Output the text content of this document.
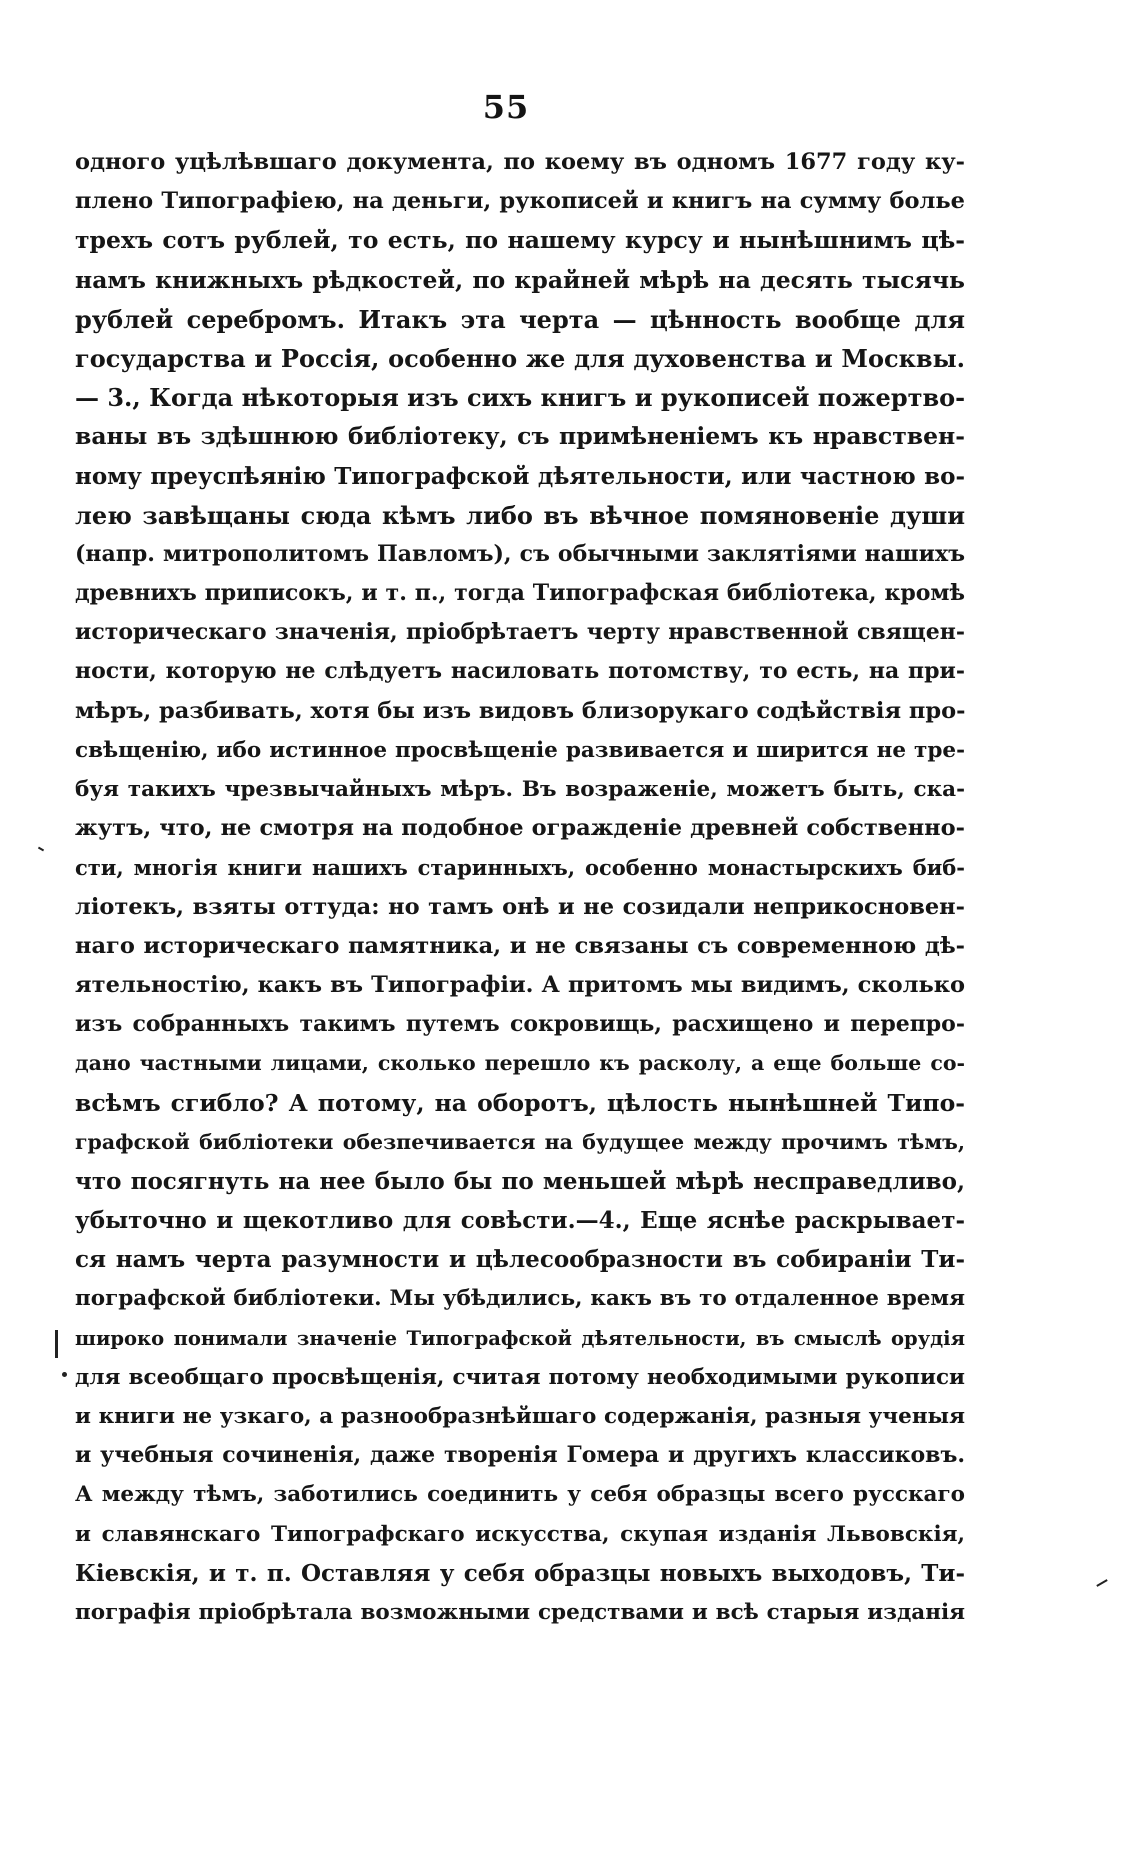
55
одного уцѣлѣвшаго документа, по коему въ одномъ 1677 году ку-
плено Типографіею, на деньги, рукописей и книгъ на сумму болье
трехъ сотъ рублей, то есть, по нашему курсу и нынѣшнимъ цѣ-
намъ книжныхъ рѣдкостей, по крайней мѣрѣ на десять тысячь
рублей серебромъ. Итакъ эта черта — цѣнность вообще для
государства и Россія, особенно же для духовенства и Москвы.
— 3., Когда нѣкоторыя изъ сихъ книгъ и рукописей пожертво-
ваны въ здѣшнюю библіотеку, съ примѣненіемъ къ нравствен-
ному преуспѣянію Типографской дѣятельности, или частною во-
лею завѣщаны сюда кѣмъ либо въ вѣчное помяновеніе души
(напр. митрополитомъ Павломъ), съ обычными заклятіями нашихъ
древнихъ приписокъ, и т. п., тогда Типографская библіотека, кромѣ
историческаго значенія, пріобрѣтаетъ черту нравственной священ-
ности, которую не слѣдуетъ насиловать потомству, то есть, на при-
мѣръ, разбивать, хотя бы изъ видовъ близорукаго содѣйствія про-
свѣщенію, ибо истинное просвѣщеніе развивается и ширится не тре-
буя такихъ чрезвычайныхъ мѣръ. Въ возраженіе, можетъ быть, ска-
жутъ, что, не смотря на подобное огражденіе древней собственно-
сти, многія книги нашихъ старинныхъ, особенно монастырскихъ биб-
ліотекъ, взяты оттуда: но тамъ онѣ и не созидали неприкосновен-
наго историческаго памятника, и не связаны съ современною дѣ-
ятельностію, какъ въ Типографіи. А притомъ мы видимъ, сколько
изъ собранныхъ такимъ путемъ сокровищь, расхищено и перепро-
дано частными лицами, сколько перешло къ расколу, а еще больше со-
всѣмъ сгибло? А потому, на оборотъ, цѣлость нынѣшней Типо-
графской библіотеки обезпечивается на будущее между прочимъ тѣмъ,
что посягнуть на нее было бы по меньшей мѣрѣ несправедливо,
убыточно и щекотливо для совѣсти.—4., Еще яснѣе раскрывает-
ся намъ черта разумности и цѣлесообразности въ собираніи Ти-
пографской библіотеки. Мы убѣдились, какъ въ то отдаленное время
широко понимали значеніе Типографской дѣятельности, въ смыслѣ орудія
для всеобщаго просвѣщенія, считая потому необходимыми рукописи
и книги не узкаго, а разнообразнѣйшаго содержанія, разныя ученыя
и учебныя сочиненія, даже творенія Гомера и другихъ классиковъ.
А между тѣмъ, заботились соединить у себя образцы всего русскаго
и славянскаго Типографскаго искусства, скупая изданія Львовскія,
Кіевскія, и т. п. Оставляя у себя образцы новыхъ выходовъ, Ти-
пографія пріобрѣтала возможными средствами и всѣ старыя изданія
